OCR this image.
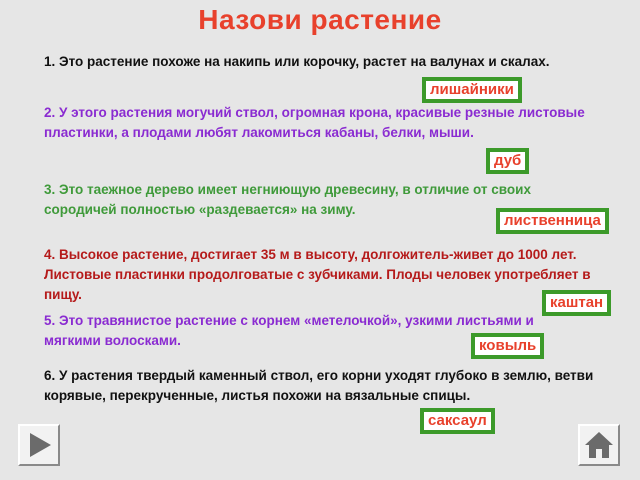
Назови растение
1. Это растение похоже на накипь или корочку, растет на валунах и скалах.
лишайники
2. У этого растения могучий ствол, огромная крона, красивые резные листовые пластинки, а плодами любят лакомиться кабаны, белки, мыши.
дуб
3. Это таежное дерево имеет негниющую древесину, в отличие от своих сородичей полностью «раздевается» на зиму.
лиственница
4. Высокое растение, достигает 35 м в высоту, долгожитель-живет до 1000 лет. Листовые пластинки продолговатые с зубчиками. Плоды человек употребляет в пищу.	каштан
5. Это травянистое растение с корнем «метелочкой», узкими листьями и мягкими волосками.	ковыль
6. У растения твердый каменный ствол, его корни уходят глубоко в землю, ветви корявые, перекрученные, листья похожи на вязальные спицы.
саксаул
